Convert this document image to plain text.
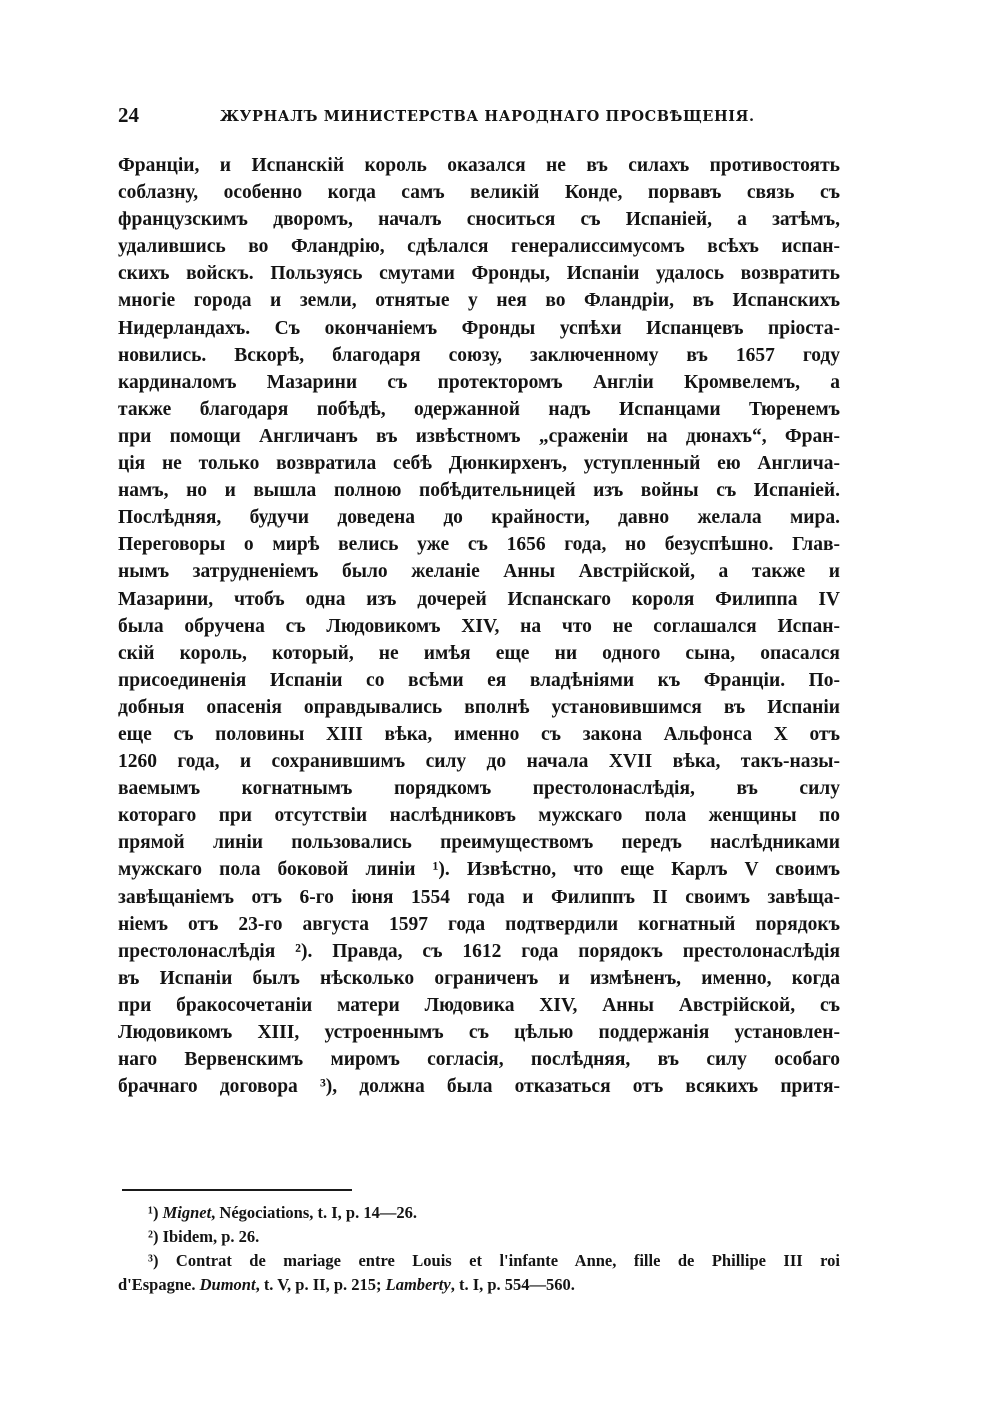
24	ЖУРНАЛЪ МИНИСТЕРСТВА НАРОДНАГО ПРОСВѢЩЕНІЯ.
Франціи, и Испанскій король оказался не въ силахъ противостоять
соблазну, особенно когда самъ великій Конде, порвавъ связь съ
французскимъ дворомъ, началъ сноситься съ Испаніей, а затѣмъ,
удалившись во Фландрію, сдѣлался генералиссимусомъ всѣхъ испан-
скихъ войскъ. Пользуясь смутами Фронды, Испаніи удалось возвратить
многіе города и земли, отнятые у нея во Фландріи, въ Испанскихъ
Нидерландахъ. Съ окончаніемъ Фронды успѣхи Испанцевъ пріоста-
новились. Вскорѣ, благодаря союзу, заключенному въ 1657 году
кардиналомъ Мазарини съ протекторомъ Англіи Кромвелемъ, а
также благодаря побѣдѣ, одержанной надъ Испанцами Тюренемъ
при помощи Англичанъ въ извѣстномъ „сраженіи на дюнахъ“, Фран-
ція не только возвратила себѣ Дюнкирхенъ, уступленный ею Англича-
намъ, но и вышла полною побѣдительницей изъ войны съ Испаніей.
Послѣдняя, будучи доведена до крайности, давно желала мира.
Переговоры о мирѣ велись уже съ 1656 года, но безуспѣшно. Глав-
нымъ затрудненіемъ было желаніе Анны Австрійской, а также и
Мазарини, чтобъ одна изъ дочерей Испанскаго короля Филиппа IV
была обручена съ Людовикомъ XIV, на что не соглашался Испан-
скій король, который, не имѣя еще ни одного сына, опасался
присоединенія Испаніи со всѣми ея владѣніями къ Франціи. По-
добныя опасенія оправдывались вполнѣ установившимся въ Испаніи
еще съ половины XIII вѣка, именно съ закона Альфонса X отъ
1260 года, и сохранившимъ силу до начала XVII вѣка, такъ-назы-
ваемымъ когнатнымъ порядкомъ престолонаслѣдія, въ силу
котораго при отсутствіи наслѣдниковъ мужскаго пола женщины по
прямой линіи пользовались преимуществомъ передъ наслѣдниками
мужскаго пола боковой линіи ¹). Извѣстно, что еще Карлъ V своимъ
завѣщаніемъ отъ 6-го іюня 1554 года и Филиппъ II своимъ завѣща-
ніемъ отъ 23-го августа 1597 года подтвердили когнатный порядокъ
престолонаслѣдія ²). Правда, съ 1612 года порядокъ престолонаслѣдія
въ Испаніи былъ нѣсколько ограниченъ и измѣненъ, именно, когда
при бракосочетаніи матери Людовика XIV, Анны Австрійской, съ
Людовикомъ XIII, устроеннымъ съ цѣлью поддержанія установлен-
наго Вервенскимъ миромъ согласія, послѣдняя, въ силу особаго
брачнаго договора ³), должна была отказаться отъ всякихъ притя-
¹) Mignet, Négociations, t. I, p. 14—26.
²) Ibidem, p. 26.
³) Contrat de mariage entre Louis et l'infante Anne, fille de Phillipe III roi
d'Espagne. Dumont, t. V, p. II, p. 215; Lamberty, t. I, p. 554—560.
